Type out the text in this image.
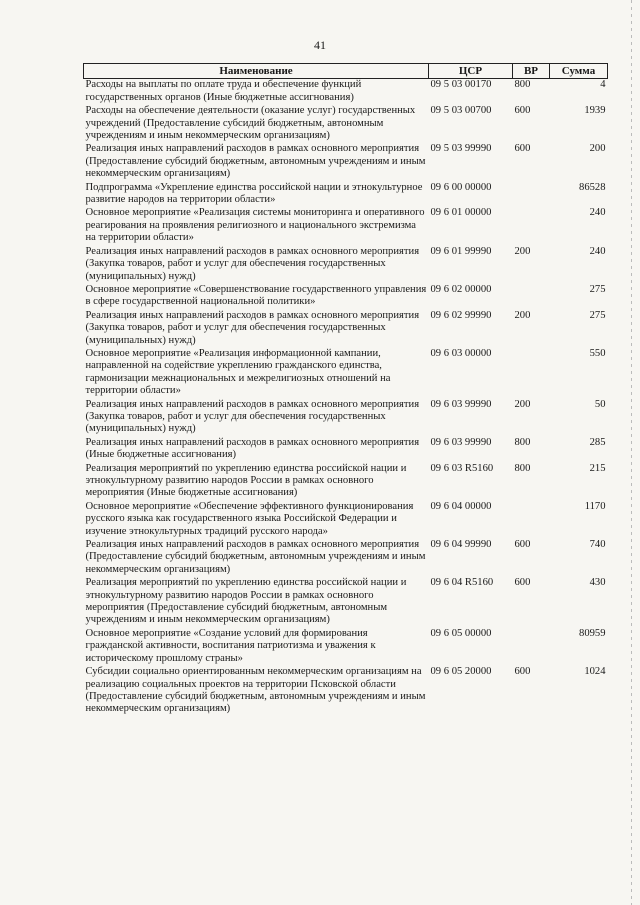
41
Наименование	ЦСР	ВР	Сумма
Расходы на выплаты по оплате труда и обеспечение функций государственных органов (Иные бюджетные ассигнования)	09 5 03 00170	800	4
Расходы на обеспечение деятельности (оказание услуг) государственных учреждений (Предоставление субсидий бюджетным, автономным учреждениям и иным некоммерческим организациям)	09 5 03 00700	600	1939
Реализация иных направлений расходов в рамках основного мероприятия (Предоставление субсидий бюджетным, автономным учреждениям и иным некоммерческим организациям)	09 5 03 99990	600	200
Подпрограмма «Укрепление единства российской нации и этнокультурное развитие народов на территории области»	09 6 00 00000		86528
Основное мероприятие «Реализация системы мониторинга и оперативного реагирования на проявления религиозного и национального экстремизма на территории области»	09 6 01 00000		240
Реализация иных направлений расходов в рамках основного мероприятия (Закупка товаров, работ и услуг для обеспечения государственных (муниципальных) нужд)	09 6 01 99990	200	240
Основное мероприятие «Совершенствование государственного управления в сфере государственной национальной политики»	09 6 02 00000		275
Реализация иных направлений расходов в рамках основного мероприятия (Закупка товаров, работ и услуг для обеспечения государственных (муниципальных) нужд)	09 6 02 99990	200	275
Основное мероприятие «Реализация информационной кампании, направленной на содействие укреплению гражданского единства, гармонизации межнациональных и межрелигиозных отношений на территории области»	09 6 03 00000		550
Реализация иных направлений расходов в рамках основного мероприятия (Закупка товаров, работ и услуг для обеспечения государственных (муниципальных) нужд)	09 6 03 99990	200	50
Реализация иных направлений расходов в рамках основного мероприятия (Иные бюджетные ассигнования)	09 6 03 99990	800	285
Реализация мероприятий по укреплению единства российской нации и этнокультурному развитию народов России в рамках основного мероприятия (Иные бюджетные ассигнования)	09 6 03 R5160	800	215
Основное мероприятие «Обеспечение эффективного функционирования русского языка как государственного языка Российской Федерации и изучение этнокультурных традиций русского народа»	09 6 04 00000		1170
Реализация иных направлений расходов в рамках основного мероприятия (Предоставление субсидий бюджетным, автономным учреждениям и иным некоммерческим организациям)	09 6 04 99990	600	740
Реализация мероприятий по укреплению единства российской нации и этнокультурному развитию народов России в рамках основного мероприятия (Предоставление субсидий бюджетным, автономным учреждениям и иным некоммерческим организациям)	09 6 04 R5160	600	430
Основное мероприятие «Создание условий для формирования гражданской активности, воспитания патриотизма и уважения к историческому прошлому страны»	09 6 05 00000		80959
Субсидии социально ориентированным некоммерческим организациям на реализацию социальных проектов на территории Псковской области (Предоставление субсидий бюджетным, автономным учреждениям и иным некоммерческим организациям)	09 6 05 20000	600	1024
